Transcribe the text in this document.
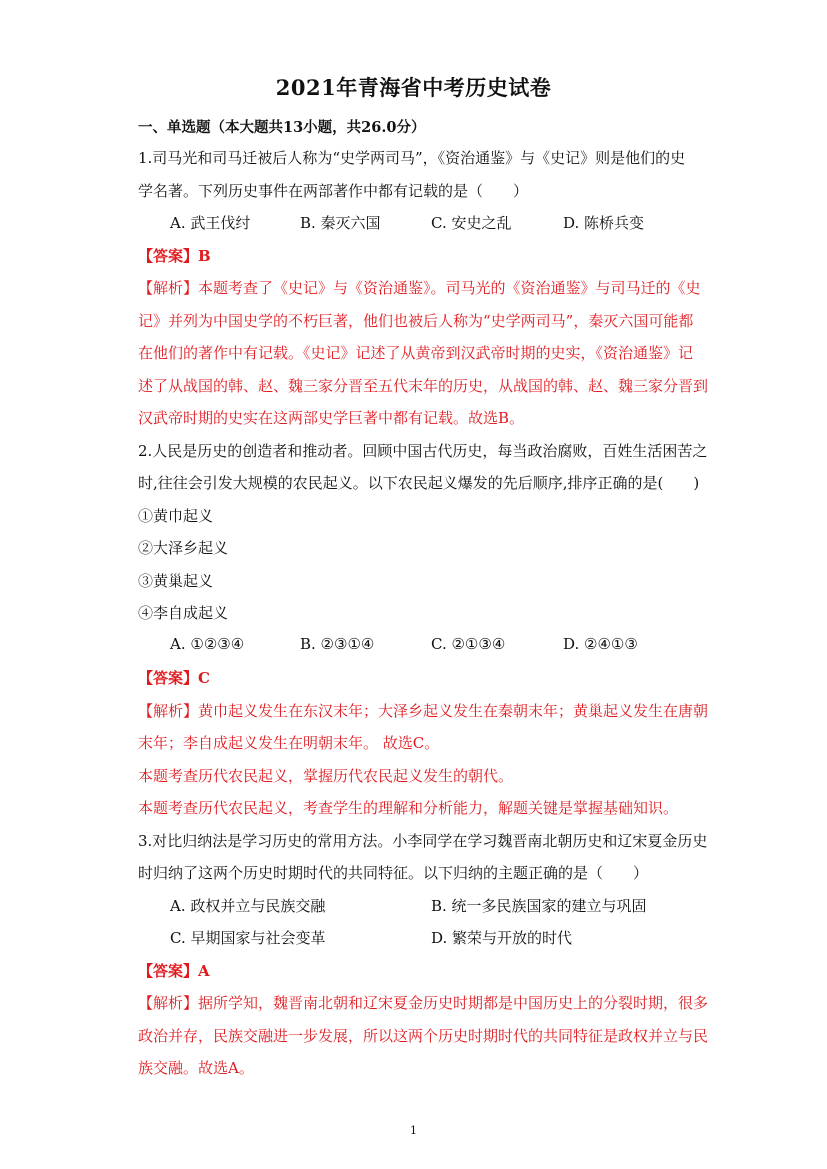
2021年青海省中考历史试卷
一、单选题（本大题共13小题，共26.0分）
1.司马光和司马迁被后人称为“史学两司马”，《资治通鉴》与《史记》则是他们的史
学名著。下列历史事件在两部著作中都有记载的是（　　）
A. 武王伐纣	B. 秦灭六国	C. 安史之乱	D. 陈桥兵变
【答案】B
【解析】本题考查了《史记》与《资治通鉴》。司马光的《资治通鉴》与司马迁的《史
记》并列为中国史学的不朽巨著，他们也被后人称为“史学两司马”，秦灭六国可能都
在他们的著作中有记载。《史记》记述了从黄帝到汉武帝时期的史实，《资治通鉴》记
述了从战国的韩、赵、魏三家分晋至五代末年的历史，从战国的韩、赵、魏三家分晋到
汉武帝时期的史实在这两部史学巨著中都有记载。故选B。
2.人民是历史的创造者和推动者。回顾中国古代历史，每当政治腐败，百姓生活困苦之
时,往往会引发大规模的农民起义。以下农民起义爆发的先后顺序,排序正确的是(　　)
①黄巾起义
②大泽乡起义
③黄巢起义
④李自成起义
A. ①②③④	B. ②③①④	C. ②①③④	D. ②④①③
【答案】C
【解析】黄巾起义发生在东汉末年；大泽乡起义发生在秦朝末年；黄巢起义发生在唐朝
末年；李自成起义发生在明朝末年。 故选C。
本题考查历代农民起义，掌握历代农民起义发生的朝代。
本题考查历代农民起义，考查学生的理解和分析能力，解题关键是掌握基础知识。
3.对比归纳法是学习历史的常用方法。小李同学在学习魏晋南北朝历史和辽宋夏金历史
时归纳了这两个历史时期时代的共同特征。以下归纳的主题正确的是（　　）
A. 政权并立与民族交融	B. 统一多民族国家的建立与巩固
C. 早期国家与社会变革	D. 繁荣与开放的时代
【答案】A
【解析】据所学知，魏晋南北朝和辽宋夏金历史时期都是中国历史上的分裂时期，很多
政治并存，民族交融进一步发展，所以这两个历史时期时代的共同特征是政权并立与民
族交融。故选A。
1
